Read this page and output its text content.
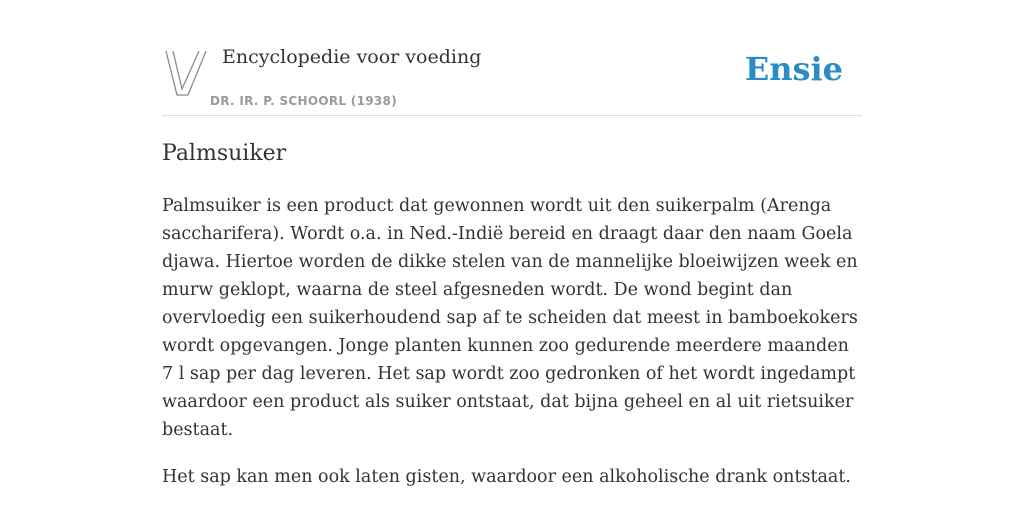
Encyclopedie voor voeding
DR. IR. P. SCHOORL (1938)
Ensie
Palmsuiker

Palmsuiker is een product dat gewonnen wordt uit den suikerpalm (Arenga saccharifera). Wordt o.a. in Ned.-Indië bereid en draagt daar den naam Goela djawa. Hiertoe worden de dikke stelen van de mannelijke bloeiwijzen week en murw geklopt, waarna de steel afgesneden wordt. De wond begint dan overvloedig een suikerhoudend sap af te scheiden dat meest in bamboekokers wordt opgevangen. Jonge planten kunnen zoo gedurende meerdere maanden 7 l sap per dag leveren. Het sap wordt zoo gedronken of het wordt ingedampt waardoor een product als suiker ontstaat, dat bijna geheel en al uit rietsuiker bestaat.

Het sap kan men ook laten gisten, waardoor een alkoholische drank ontstaat.
